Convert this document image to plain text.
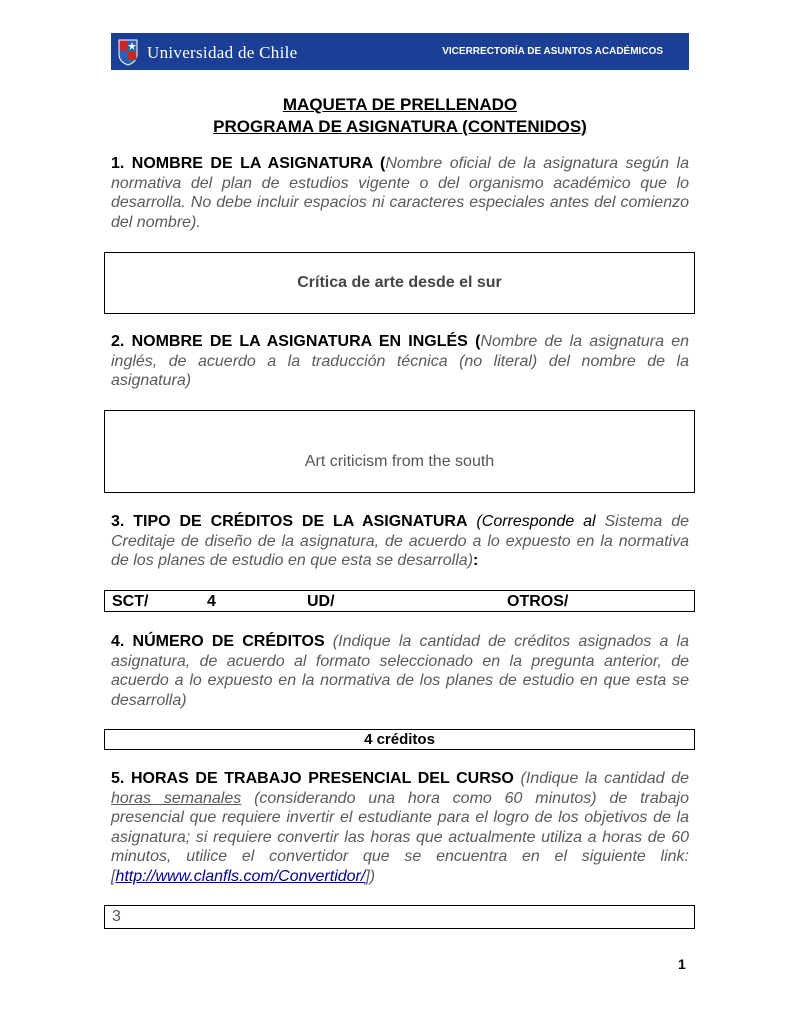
Universidad de Chile	VICERRECTORÍA DE ASUNTOS ACADÉMICOS
MAQUETA DE PRELLENADO
PROGRAMA DE ASIGNATURA (CONTENIDOS)

1. NOMBRE DE LA ASIGNATURA (Nombre oficial de la asignatura según la normativa del plan de estudios vigente o del organismo académico que lo desarrolla. No debe incluir espacios ni caracteres especiales antes del comienzo del nombre).

Crítica de arte desde el sur

2. NOMBRE DE LA ASIGNATURA EN INGLÉS (Nombre de la asignatura en inglés, de acuerdo a la traducción técnica (no literal) del nombre de la asignatura)

Art criticism from the south

3. TIPO DE CRÉDITOS DE LA ASIGNATURA (Corresponde al Sistema de Creditaje de diseño de la asignatura, de acuerdo a lo expuesto en la normativa de los planes de estudio en que esta se desarrolla):

SCT/	4	UD/	OTROS/

4. NÚMERO DE CRÉDITOS (Indique la cantidad de créditos asignados a la asignatura, de acuerdo al formato seleccionado en la pregunta anterior, de acuerdo a lo expuesto en la normativa de los planes de estudio en que esta se desarrolla)

4 créditos

5. HORAS DE TRABAJO PRESENCIAL DEL CURSO (Indique la cantidad de horas semanales (considerando una hora como 60 minutos) de trabajo presencial que requiere invertir el estudiante para el logro de los objetivos de la asignatura; si requiere convertir las horas que actualmente utiliza a horas de 60 minutos, utilice el convertidor que se encuentra en el siguiente link: [http://www.clanfls.com/Convertidor/])

3
1
